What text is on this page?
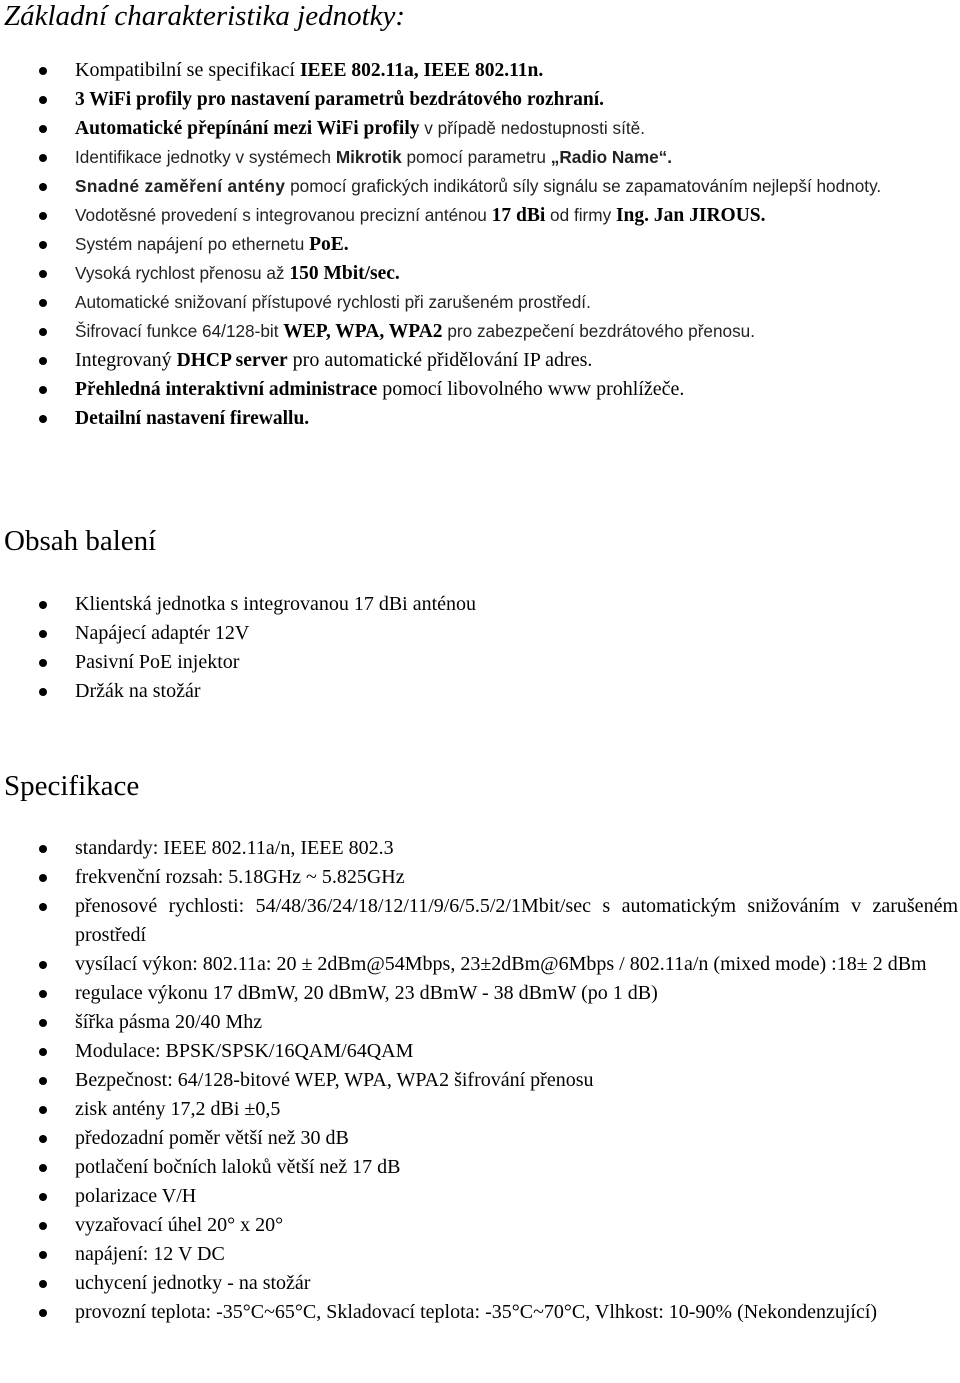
Základní charakteristika jednotky:
Kompatibilní se specifikací IEEE 802.11a, IEEE 802.11n.
3 WiFi profily pro nastavení parametrů bezdrátového rozhraní.
Automatické přepínání mezi WiFi profily v případě nedostupnosti sítě.
Identifikace jednotky v systémech Mikrotik pomocí parametru „Radio Name“.
Snadné zaměření antény pomocí grafických indikátorů síly signálu se zapamatováním nejlepší hodnoty.
Vodotěsné provedení s integrovanou precizní anténou 17 dBi od firmy Ing. Jan JIROUS.
Systém napájení po ethernetu PoE.
Vysoká rychlost přenosu až 150 Mbit/sec.
Automatické snižovaní přístupové rychlosti při zarušeném prostředí.
Šifrovací funkce 64/128-bit WEP, WPA, WPA2 pro zabezpečení bezdrátového přenosu.
Integrovaný DHCP server pro automatické přidělování IP adres.
Přehledná interaktivní administrace pomocí libovolného www prohlížeče.
Detailní nastavení firewallu.
Obsah balení
Klientská jednotka s integrovanou 17 dBi anténou
Napájecí adaptér 12V
Pasivní PoE injektor
Držák na stožár
Specifikace
standardy: IEEE 802.11a/n, IEEE 802.3
frekvenční rozsah: 5.18GHz ~ 5.825GHz
přenosové rychlosti: 54/48/36/24/18/12/11/9/6/5.5/2/1Mbit/sec s automatickým snižováním v zarušeném prostředí
vysílací výkon: 802.11a: 20 ± 2dBm@54Mbps, 23±2dBm@6Mbps / 802.11a/n (mixed mode) :18± 2 dBm
regulace výkonu 17 dBmW, 20 dBmW, 23 dBmW - 38 dBmW (po 1 dB)
šířka pásma 20/40 Mhz
Modulace: BPSK/SPSK/16QAM/64QAM
Bezpečnost: 64/128-bitové WEP, WPA, WPA2 šifrování přenosu
zisk antény 17,2 dBi ±0,5
předozadní poměr větší než 30 dB
potlačení bočních laloků větší než 17 dB
polarizace V/H
vyzařovací úhel 20° x 20°
napájení: 12 V DC
uchycení jednotky - na stožár
provozní teplota: -35°C~65°C, Skladovací teplota: -35°C~70°C, Vlhkost: 10-90% (Nekondenzující)
